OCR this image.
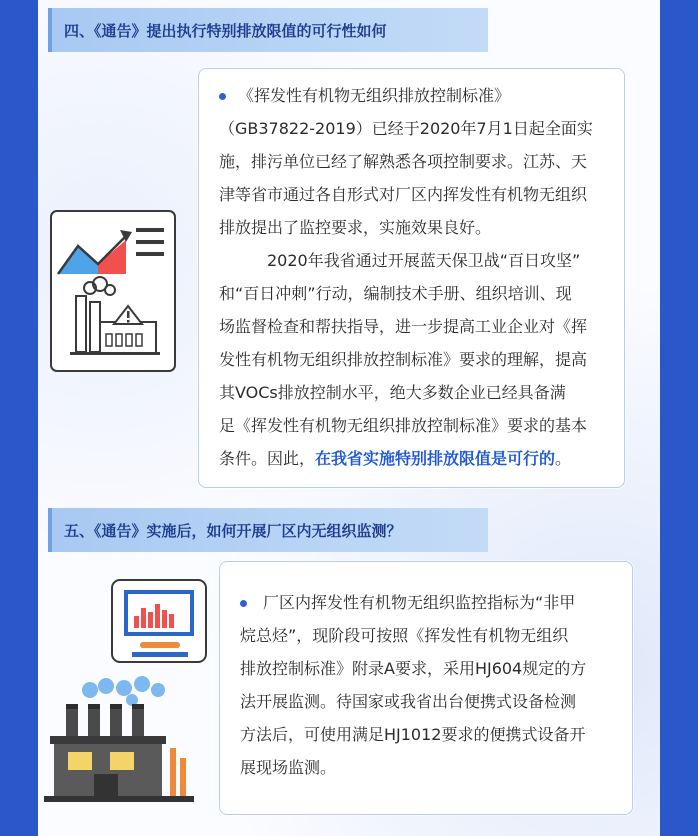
四、《通告》提出执行特别排放限值的可行性如何
《挥发性有机物无组织排放控制标准》
（GB37822-2019）已经于2020年7月1日起全面实
施，排污单位已经了解熟悉各项控制要求。江苏、天
津等省市通过各自形式对厂区内挥发性有机物无组织
排放提出了监控要求，实施效果良好。
2020年我省通过开展蓝天保卫战“百日攻坚”
和“百日冲刺”行动，编制技术手册、组织培训、现
场监督检查和帮扶指导，进一步提高工业企业对《挥
发性有机物无组织排放控制标准》要求的理解，提高
其VOCs排放控制水平，绝大多数企业已经具备满
足《挥发性有机物无组织排放控制标准》要求的基本
条件。因此，在我省实施特别排放限值是可行的。
五、《通告》实施后，如何开展厂区内无组织监测？
厂区内挥发性有机物无组织监控指标为“非甲
烷总烃”，现阶段可按照《挥发性有机物无组织
排放控制标准》附录A要求，采用HJ604规定的方
法开展监测。待国家或我省出台便携式设备检测
方法后，可使用满足HJ1012要求的便携式设备开
展现场监测。
